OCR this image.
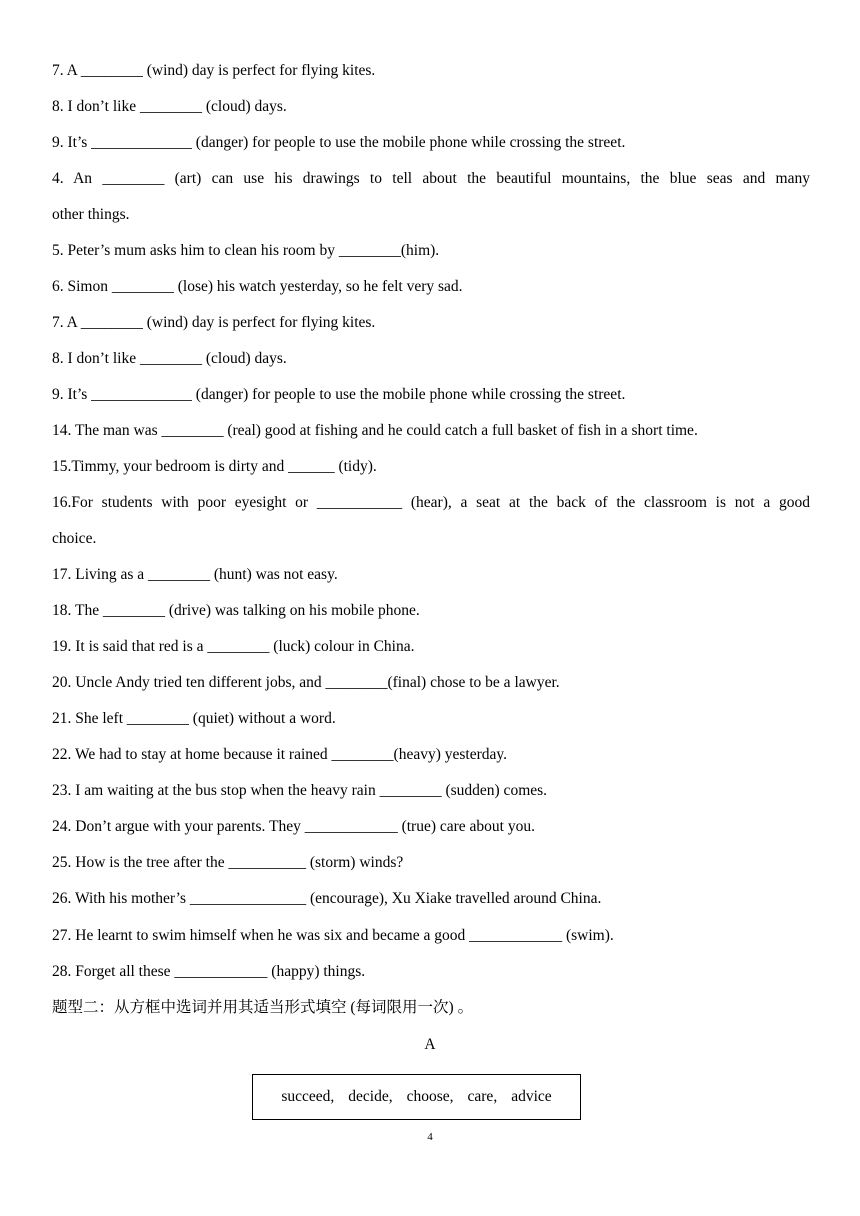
7. A ________ (wind) day is perfect for flying kites.
8. I don’t like ________ (cloud) days.
9. It’s _____________ (danger) for people to use the mobile phone while crossing the street.
4. An ________ (art) can use his drawings to tell about the beautiful mountains, the blue seas and many
other things.
5. Peter’s mum asks him to clean his room by ________(him).
6. Simon ________ (lose) his watch yesterday, so he felt very sad.
7. A ________ (wind) day is perfect for flying kites.
8. I don’t like ________ (cloud) days.
9. It’s _____________ (danger) for people to use the mobile phone while crossing the street.
14. The man was ________ (real) good at fishing and he could catch a full basket of fish in a short time.
15.Timmy, your bedroom is dirty and ______ (tidy).
16.For students with poor eyesight or ___________ (hear), a seat at the back of the classroom is not a good
choice.
17. Living as a ________ (hunt) was not easy.
18. The ________ (drive) was talking on his mobile phone.
19. It is said that red is a ________ (luck) colour in China.
20. Uncle Andy tried ten different jobs, and ________(final) chose to be a lawyer.
21. She left ________ (quiet) without a word.
22. We had to stay at home because it rained ________(heavy) yesterday.
23. I am waiting at the bus stop when the heavy rain ________ (sudden) comes.
24. Don’t argue with your parents. They ____________ (true) care about you.
25. How is the tree after the __________ (storm) winds?
26. With his mother’s _______________ (encourage), Xu Xiake travelled around China.
27. He learnt to swim himself when he was six and became a good ____________ (swim).
28. Forget all these ____________ (happy) things.
题型二：从方框中选词并用其适当形式填空 (每词限用一次) 。
A
succeed, decide, choose, care, advice
4
